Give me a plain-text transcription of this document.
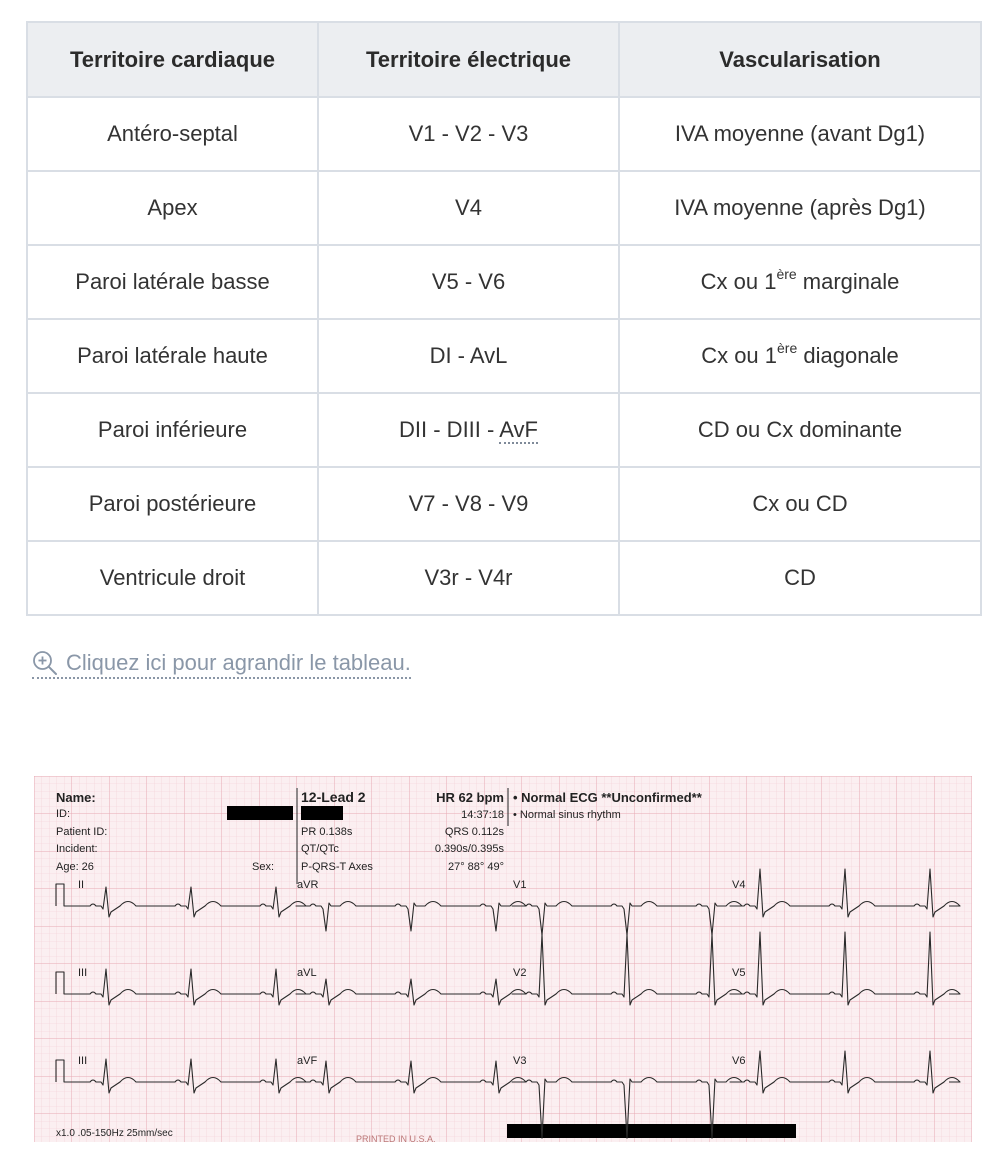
Territoire cardiaque	Territoire électrique	Vascularisation
Antéro-septal	V1 - V2 - V3	IVA moyenne (avant Dg1)
Apex	V4	IVA moyenne (après Dg1)
Paroi latérale basse	V5 - V6	Cx ou 1ère marginale
Paroi latérale haute	DI - AvL	Cx ou 1ère diagonale
Paroi inférieure	DII - DIII - AvF	CD ou Cx dominante
Paroi postérieure	V7 - V8 - V9	Cx ou CD
Ventricule droit	V3r - V4r	CD
Cliquez ici pour agrandir le tableau.
Name:
ID:
Patient ID:
Incident:
Age: 26	Sex:
12-Lead 2
PR 0.138s
QT/QTc
P-QRS-T Axes
HR 62 bpm
14:37:18
QRS 0.112s
0.390s/0.395s
27° 88° 49°
• Normal ECG **Unconfirmed**
• Normal sinus rhythm
x1.0 .05-150Hz 25mm/sec	PRINTED IN U.S.A.
II	aVR	V1	V4
III	aVL	V2	V5
III	aVF	V3	V6
